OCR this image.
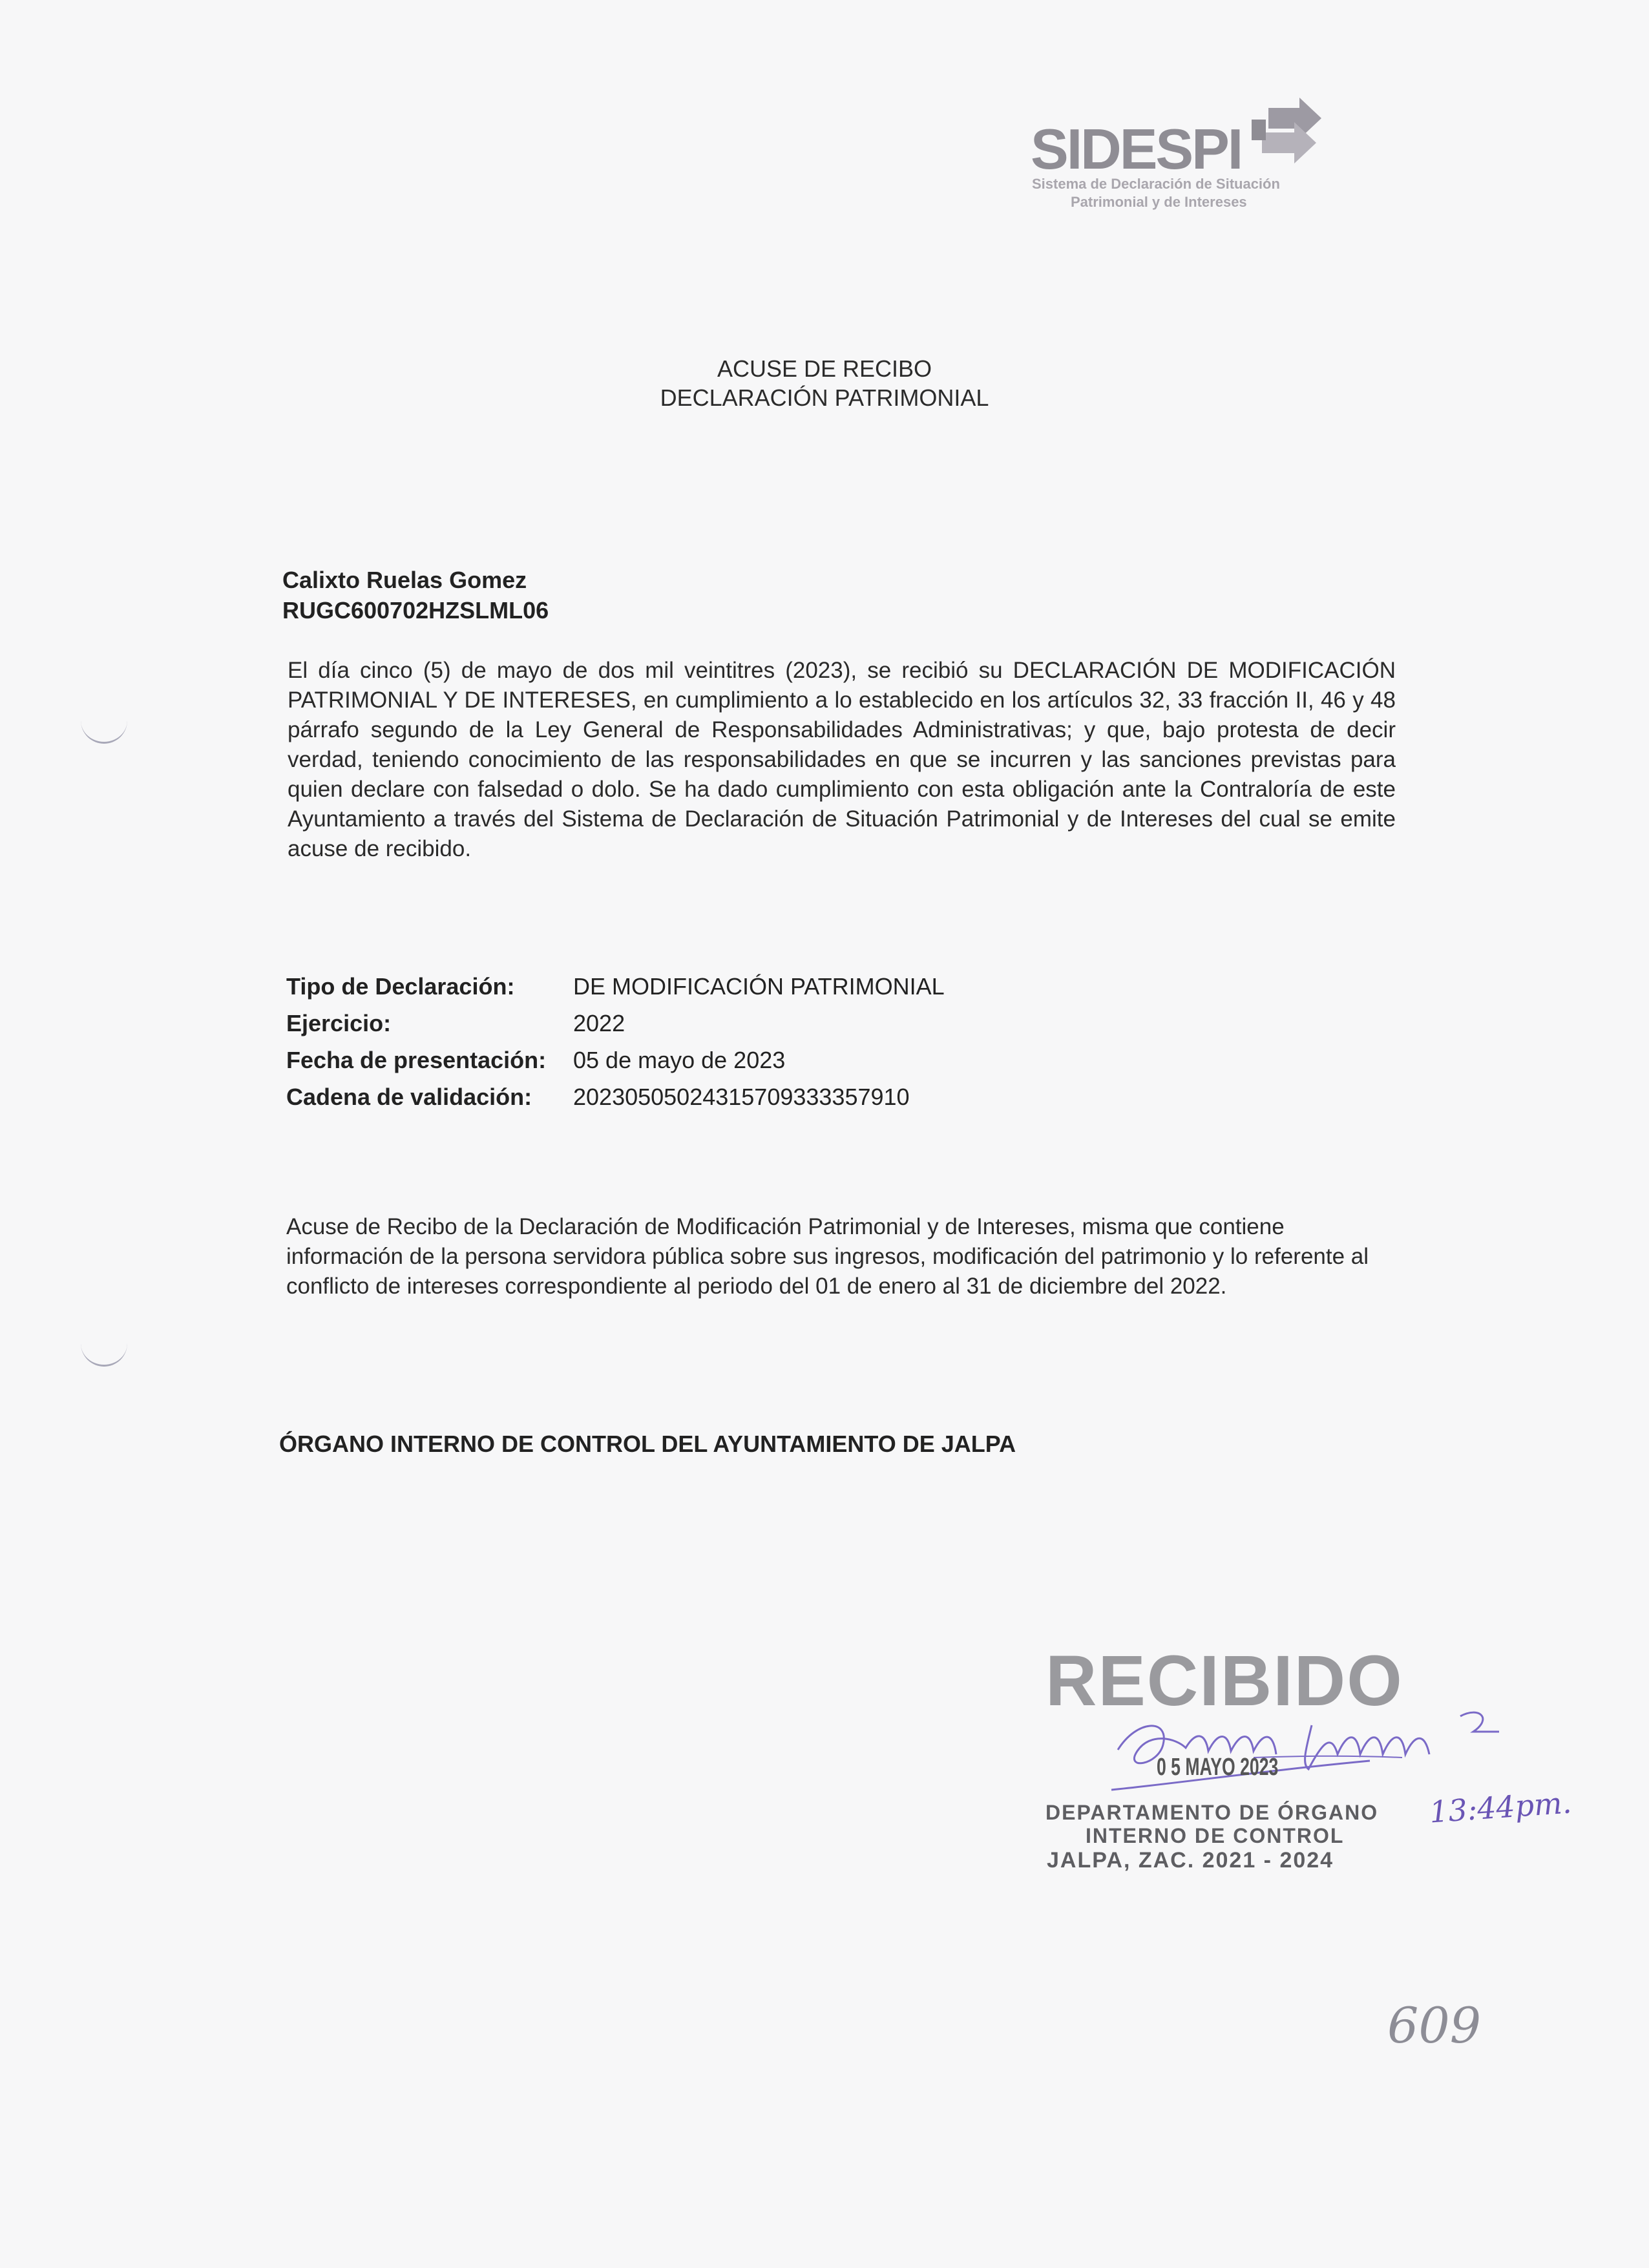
SIDESPI
Sistema de Declaración de Situación
Patrimonial y de Intereses
ACUSE DE RECIBO
DECLARACIÓN PATRIMONIAL
Calixto Ruelas Gomez
RUGC600702HZSLML06
El día cinco (5) de mayo de dos mil veintitres (2023), se recibió su DECLARACIÓN DE MODIFICACIÓN PATRIMONIAL Y DE INTERESES, en cumplimiento a lo establecido en los artículos 32, 33 fracción II, 46 y 48 párrafo segundo de la Ley General de Responsabilidades Administrativas; y que, bajo protesta de decir verdad, teniendo conocimiento de las responsabilidades en que se incurren y las sanciones previstas para quien declare con falsedad o dolo. Se ha dado cumplimiento con esta obligación ante la Contraloría de este Ayuntamiento a través del Sistema de Declaración de Situación Patrimonial y de Intereses del cual se emite acuse de recibido.
Tipo de Declaración:	DE MODIFICACIÓN PATRIMONIAL
Ejercicio:	2022
Fecha de presentación: 05 de mayo de 2023
Cadena de validación: 20230505024315709333357910
Acuse de Recibo de la Declaración de Modificación Patrimonial y de Intereses, misma que contiene información de la persona servidora pública sobre sus ingresos, modificación del patrimonio y lo referente al conflicto de intereses correspondiente al periodo del 01 de enero al 31 de diciembre del 2022.
ÓRGANO INTERNO DE CONTROL DEL AYUNTAMIENTO DE JALPA
RECIBIDO
0 5 MAYO 2023
DEPARTAMENTO DE ÓRGANO
INTERNO DE CONTROL
JALPA, ZAC. 2021 - 2024
13:44pm.
609
